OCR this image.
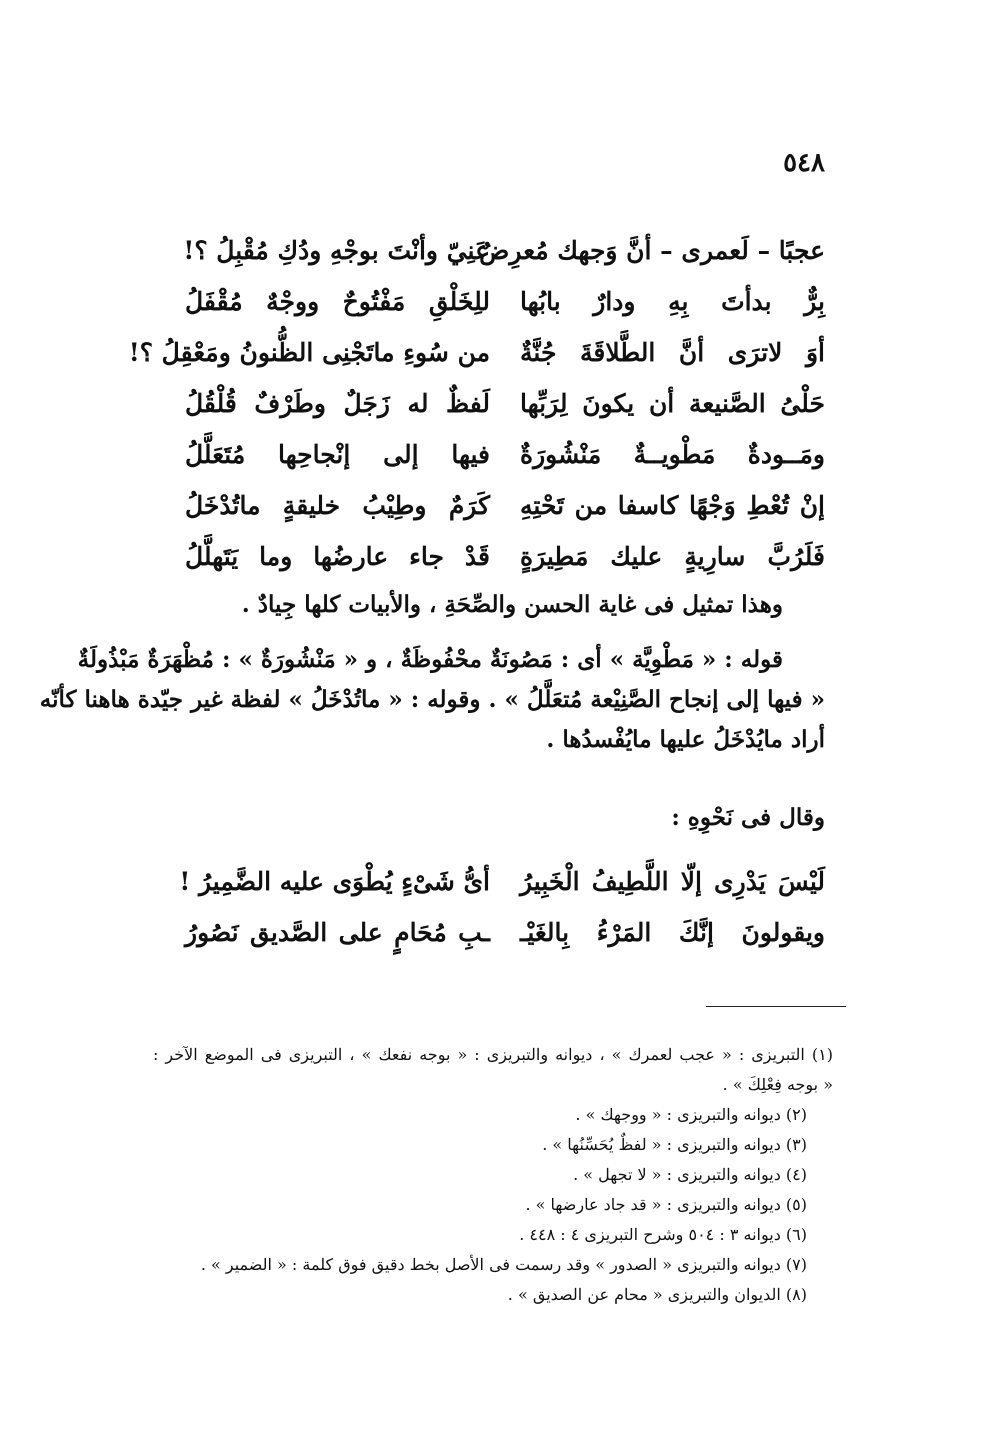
٥٤٨
عجبًا – لَعمرى – أنَّ وَجهك مُعرِضٌ
عَنِيّ وأنْتَ بوجْهِ ودُكِ مُقْبِلُ ؟!
بِرٌّ بدأتَ بِهِ ودارٌ بابُها
للِخَلْقِ مَفْتُوحٌ ووجْهٌ مُقْفَلُ
أوَ لاترَى أنَّ الطَّلاقَةَ جُنَّةٌ
من سُوءِ ماتَجْنِى الظُّنونُ ومَعْقِلُ ؟!
حَلْىُ الصَّنيعة أن يكونَ لِرَبِّها
لَفظٌ له زَجَلٌ وطَرْفٌ قُلْقُلُ
ومَــودةٌ مَطْويــةٌ مَنْشُورَةٌ
فيها إلى إنْجاحِها مُتَعَلَّلُ
إنْ تُعْطِ وَجْهًا كاسفا من تَحْتِهِ
كَرَمٌ وطِيْبُ خليقةٍ ماتُدْخَلُ
فَلَرُبَّ سارِيةٍ عليك مَطِيرَةٍ
قَدْ جاء عارضُها وما يَتَهلَّلُ
وهذا تمثيل فى غاية الحسن والصِّحَةِ ، والأبيات كلها جِيادٌ .
قوله : « مَطْوِيَّة » أى : مَصُونَةٌ محْفُوظَةٌ ، و « مَنْشُورَةٌ » : مُظْهَرَةٌ مَبْذُولَةٌ
« فيها إلى إنجاح الصَّنِيْعة مُتعَلَّلُ » . وقوله : « ماتُدْخَلُ » لفظة غير جيّدة هاهنا كأنّه
أراد مايُدْخَلُ عليها مايُفْسدُها .
وقال فى نَحْوِهِ :
لَيْسَ يَدْرِى إلّا اللَّطِيفُ الْخَبِيرُ
أىُّ شَىْءٍ يُطْوَى عليه الضَّمِيرُ !
ويقولونَ إنَّكَ المَرْءُ بِالغَيْـ
ـبِ مُحَامٍ على الصَّديق نَصُورُ
(١) التبريزى : « عجب لعمرك » ، ديوانه والتبريزى : « بوجه نفعك » ، التبريزى فى الموضع الآخر :
« بوجه فِعْلِكَ » .
(٢) ديوانه والتبريزى : « ووجهك » .
(٣) ديوانه والتبريزى : « لفظٌ يُحَسِّنُها » .
(٤) ديوانه والتبريزى : « لا تجهل » .
(٥) ديوانه والتبريزى : « قد جاد عارضها » .
(٦) ديوانه ٣ : ٥٠٤ وشرح التبريزى ٤ : ٤٤٨ .
(٧) ديوانه والتبريزى « الصدور » وقد رسمت فى الأصل بخط دقيق فوق كلمة : « الضمير » .
(٨) الديوان والتبريزى « محام عن الصديق » .
